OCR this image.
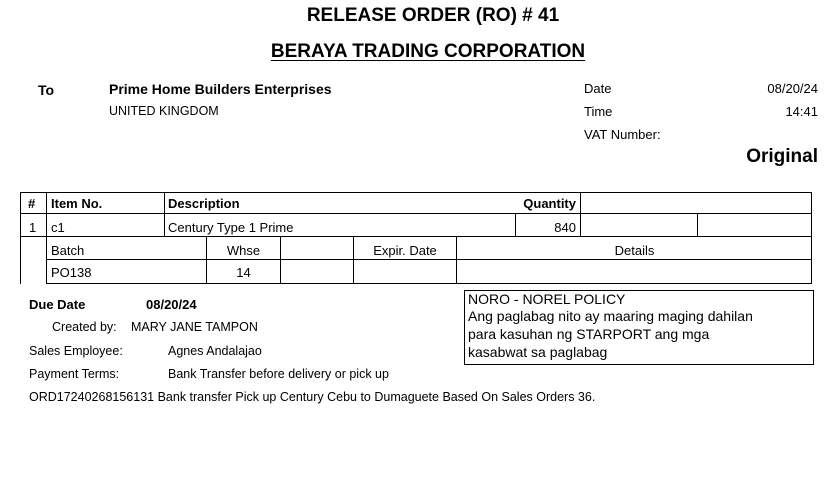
RELEASE ORDER (RO) # 41
BERAYA TRADING CORPORATION
To	Prime Home Builders Enterprises
UNITED KINGDOM
Date	08/20/24
Time	14:41
VAT Number:
Original
# Item No.	Description	Quantity
1 c1	Century Type 1 Prime	840
Batch	Whse	Expir. Date	Details
PO138	14
Due Date	08/20/24
Created by: MARY JANE TAMPON
Sales Employee:	Agnes Andalajao
Payment Terms:	Bank Transfer before delivery or pick up
ORD17240268156131 Bank transfer Pick up Century Cebu to Dumaguete Based On Sales Orders 36.
NORO - NOREL POLICY
Ang paglabag nito ay maaring maging dahilan
para kasuhan ng STARPORT ang mga
kasabwat sa paglabag
